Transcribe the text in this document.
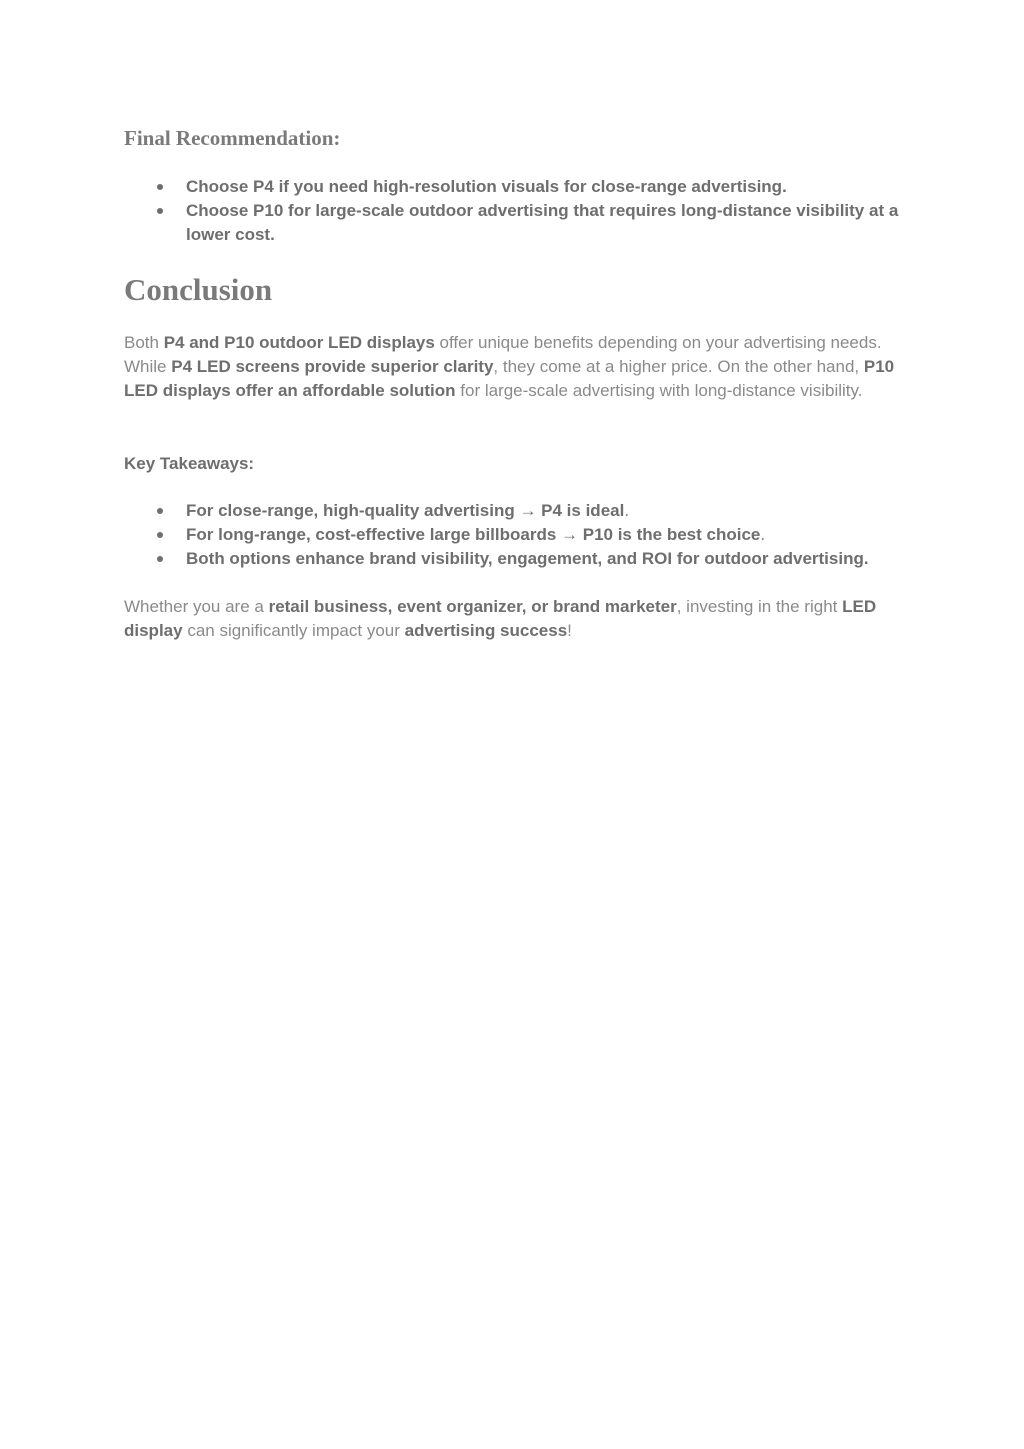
Final Recommendation:
Choose P4 if you need high-resolution visuals for close-range advertising.
Choose P10 for large-scale outdoor advertising that requires long-distance visibility at a lower cost.
Conclusion

Both P4 and P10 outdoor LED displays offer unique benefits depending on your advertising needs. While P4 LED screens provide superior clarity, they come at a higher price. On the other hand, P10 LED displays offer an affordable solution for large-scale advertising with long-distance visibility.

Key Takeaways:
For close-range, high-quality advertising → P4 is ideal.
For long-range, cost-effective large billboards → P10 is the best choice.
Both options enhance brand visibility, engagement, and ROI for outdoor advertising.

Whether you are a retail business, event organizer, or brand marketer, investing in the right LED display can significantly impact your advertising success!
